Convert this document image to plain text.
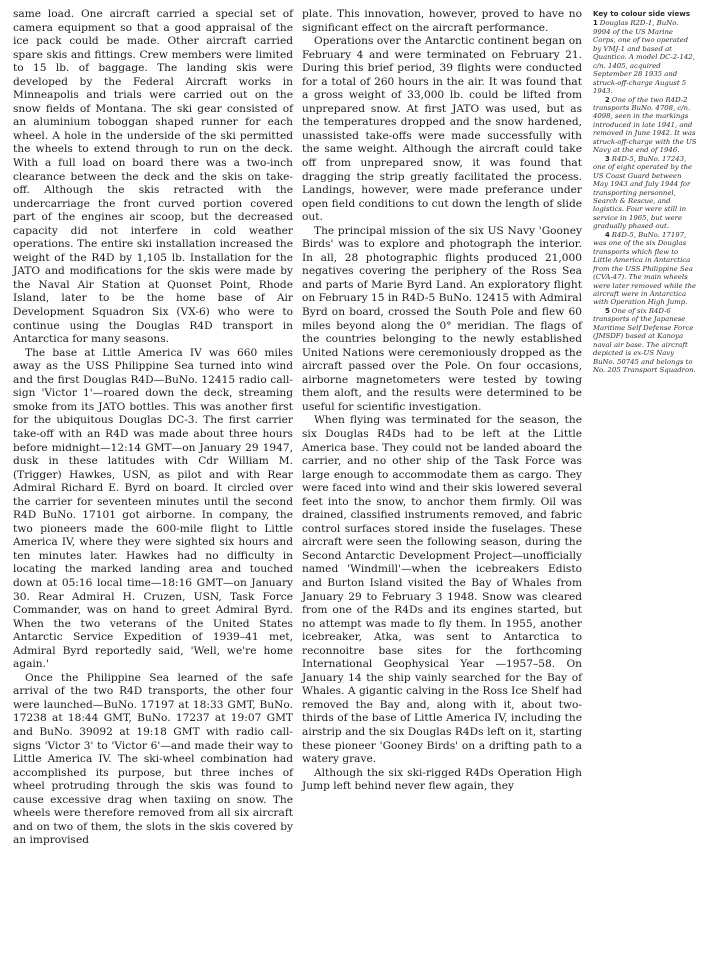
same load. One aircraft carried a special set of camera equipment so that a good appraisal of the ice pack could be made. Other aircraft carried spare skis and fittings. Crew members were limited to 15 lb. of baggage. The landing skis were developed by the Federal Aircraft works in Minneapolis and trials were carried out on the snow fields of Montana. The ski gear consisted of an aluminium toboggan shaped runner for each wheel. A hole in the underside of the ski permitted the wheels to extend through to run on the deck. With a full load on board there was a two-inch clearance between the deck and the skis on take-off. Although the skis retracted with the undercarriage the front curved portion covered part of the engines air scoop, but the decreased capacity did not interfere in cold weather operations. The entire ski installation increased the weight of the R4D by 1,105 lb. Installation for the JATO and modifications for the skis were made by the Naval Air Station at Quonset Point, Rhode Island, later to be the home base of Air Development Squadron Six (VX-6) who were to continue using the Douglas R4D transport in Antarctica for many seasons.

The base at Little America IV was 660 miles away as the USS Philippine Sea turned into wind and the first Douglas R4D—BuNo. 12415 radio call-sign 'Victor 1'—roared down the deck, streaming smoke from its JATO bottles. This was another first for the ubiquitous Douglas DC-3. The first carrier take-off with an R4D was made about three hours before midnight—12:14 GMT—on January 29 1947, dusk in these latitudes with Cdr William M. (Trigger) Hawkes, USN, as pilot and with Rear Admiral Richard E. Byrd on board. It circled over the carrier for seventeen minutes until the second R4D BuNo. 17101 got airborne. In company, the two pioneers made the 600-mile flight to Little America IV, where they were sighted six hours and ten minutes later. Hawkes had no difficulty in locating the marked landing area and touched down at 05:16 local time—18:16 GMT—on January 30. Rear Admiral H. Cruzen, USN, Task Force Commander, was on hand to greet Admiral Byrd. When the two veterans of the United States Antarctic Service Expedition of 1939–41 met, Admiral Byrd reportedly said, 'Well, we're home again.'

Once the Philippine Sea learned of the safe arrival of the two R4D transports, the other four were launched—BuNo. 17197 at 18:33 GMT, BuNo. 17238 at 18:44 GMT, BuNo. 17237 at 19:07 GMT and BuNo. 39092 at 19:18 GMT with radio call-signs 'Victor 3' to 'Victor 6'—and made their way to Little America IV. The ski-wheel combination had accomplished its purpose, but three inches of wheel protruding through the skis was found to cause excessive drag when taxiing on snow. The wheels were therefore removed from all six aircraft and on two of them, the slots in the skis covered by an improvised

plate. This innovation, however, proved to have no significant effect on the aircraft performance.

Operations over the Antarctic continent began on February 4 and were terminated on February 21. During this brief period, 39 flights were conducted for a total of 260 hours in the air. It was found that a gross weight of 33,000 lb. could be lifted from unprepared snow. At first JATO was used, but as the temperatures dropped and the snow hardened, unassisted take-offs were made successfully with the same weight. Although the aircraft could take off from unprepared snow, it was found that dragging the strip greatly facilitated the process. Landings, however, were made preferance under open field conditions to cut down the length of slide out.

The principal mission of the six US Navy 'Gooney Birds' was to explore and photograph the interior. In all, 28 photographic flights produced 21,000 negatives covering the periphery of the Ross Sea and parts of Marie Byrd Land. An exploratory flight on February 15 in R4D-5 BuNo. 12415 with Admiral Byrd on board, crossed the South Pole and flew 60 miles beyond along the 0° meridian. The flags of the countries belonging to the newly established United Nations were ceremoniously dropped as the aircraft passed over the Pole. On four occasions, airborne magnetometers were tested by towing them aloft, and the results were determined to be useful for scientific investigation.

When flying was terminated for the season, the six Douglas R4Ds had to be left at the Little America base. They could not be landed aboard the carrier, and no other ship of the Task Force was large enough to accommodate them as cargo. They were faced into wind and their skis lowered several feet into the snow, to anchor them firmly. Oil was drained, classified instruments removed, and fabric control surfaces stored inside the fuselages. These aircraft were seen the following season, during the Second Antarctic Development Project—unofficially named 'Windmill'—when the icebreakers Edisto and Burton Island visited the Bay of Whales from January 29 to February 3 1948. Snow was cleared from one of the R4Ds and its engines started, but no attempt was made to fly them. In 1955, another icebreaker, Atka, was sent to Antarctica to reconnoitre base sites for the forthcoming International Geophysical Year —1957–58. On January 14 the ship vainly searched for the Bay of Whales. A gigantic calving in the Ross Ice Shelf had removed the Bay and, along with it, about two-thirds of the base of Little America IV, including the airstrip and the six Douglas R4Ds left on it, starting these pioneer 'Gooney Birds' on a drifting path to a watery grave.

Although the six ski-rigged R4Ds Operation High Jump left behind never flew again, they

Key to colour side views

1 Douglas R2D-1, BuNo. 9994 of the US Marine Corps, one of two operated by VMJ-1 and based at Quantico. A model DC-2-142, c/n. 1405, acquired September 28 1935 and struck-off-charge August 5 1943.

2 One of the two R4D-2 transports BuNo. 4708, c/n. 4098, seen in the markings introduced in late 1941, and removed in June 1942. It was struck-off-charge with the US Navy at the end of 1946.

3 R4D-5, BuNo. 17243, one of eight operated by the US Coast Guard between May 1943 and July 1944 for transporting personnel, Search & Rescue, and logistics. Four were still in service in 1965, but were gradually phased out.

4 R4D-5, BuNo. 17197, was one of the six Douglas transports which flew to Little America in Antarctica from the USS Philippine Sea (CVA-47). The main wheels were later removed while the aircraft were in Antarctica with Operation High Jump.

5 One of six R4D-6 transports of the Japanese Maritime Self Defense Force (JMSDF) based at Kanoya naval air base. The aircraft depicted is ex-US Navy BuNo. 50745 and belongs to No. 205 Transport Squadron.
